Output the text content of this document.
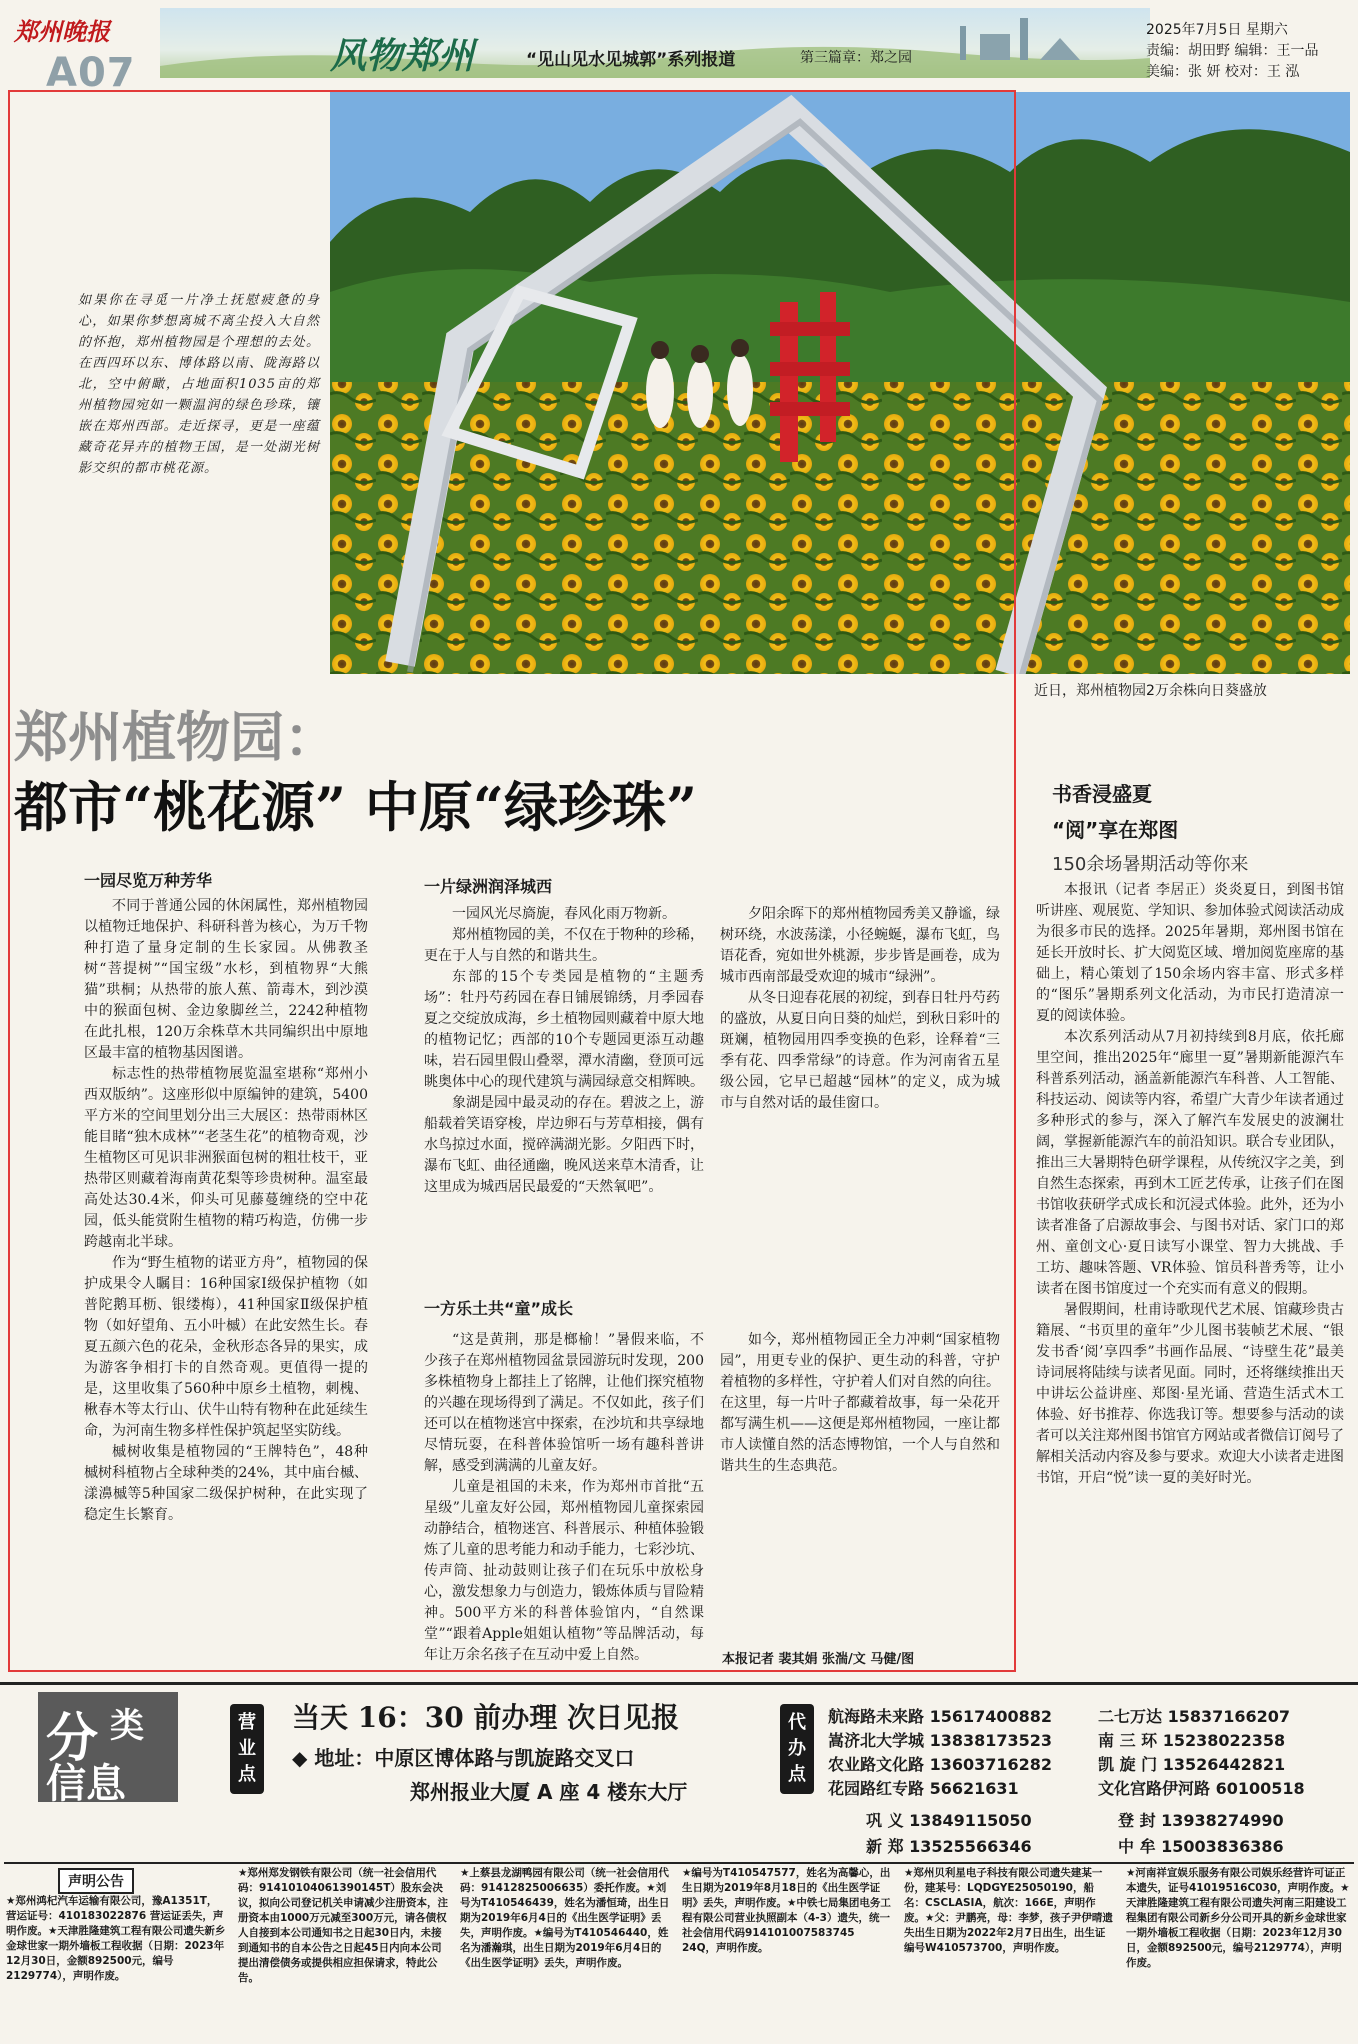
郑州晚报
A07	风物郑州	“见山见水见城郭”系列报道	第三篇章：郑之园
2025年7月5日 星期六
责编：胡田野 编辑：王一品
美编：张 妍 校对：王 泓
近日，郑州植物园2万余株向日葵盛放
如果你在寻觅一片净土抚慰疲惫的身心，如果你梦想离城不离尘投入大自然的怀抱，郑州植物园是个理想的去处。在西四环以东、博体路以南、陇海路以北，空中俯瞰，占地面积1035亩的郑州植物园宛如一颗温润的绿色珍珠，镶嵌在郑州西部。走近探寻，更是一座蕴藏奇花异卉的植物王国，是一处湖光树影交织的都市桃花源。
郑州植物园：
都市“桃花源” 中原“绿珍珠”
一园尽览万种芳华

不同于普通公园的休闲属性，郑州植物园以植物迁地保护、科研科普为核心，为万千物种打造了量身定制的生长家园。从佛教圣树“菩提树”“国宝级”水杉，到植物界“大熊猫”珙桐；从热带的旅人蕉、箭毒木，到沙漠中的猴面包树、金边象脚丝兰，2242种植物在此扎根，120万余株草木共同编织出中原地区最丰富的植物基因图谱。

标志性的热带植物展览温室堪称“郑州小西双版纳”。这座形似中原编钟的建筑，5400平方米的空间里划分出三大展区：热带雨林区能目睹“独木成林”“老茎生花”的植物奇观，沙生植物区可见识非洲猴面包树的粗壮枝干，亚热带区则藏着海南黄花梨等珍贵树种。温室最高处达30.4米，仰头可见藤蔓缠绕的空中花园，低头能赏附生植物的精巧构造，仿佛一步跨越南北半球。

作为“野生植物的诺亚方舟”，植物园的保护成果令人瞩目：16种国家Ⅰ级保护植物（如普陀鹅耳枥、银缕梅），41种国家Ⅱ级保护植物（如好望角、五小叶槭）在此安然生长。春夏五颜六色的花朵，金秋形态各异的果实，成为游客争相打卡的自然奇观。更值得一提的是，这里收集了560种中原乡土植物，刺槐、楸春木等太行山、伏牛山特有物种在此延续生命，为河南生物多样性保护筑起坚实防线。

槭树收集是植物园的“王牌特色”，48种槭树科植物占全球种类的24%，其中庙台槭、漾濞槭等5种国家二级保护树种，在此实现了稳定生长繁育。

一片绿洲润泽城西

一园风光尽旖旎，春风化雨万物新。

郑州植物园的美，不仅在于物种的珍稀，更在于人与自然的和谐共生。

东部的15个专类园是植物的“主题秀场”：牡丹芍药园在春日铺展锦绣，月季园春夏之交绽放成海，乡土植物园则藏着中原大地的植物记忆；西部的10个专题园更添互动趣味，岩石园里假山叠翠，潭水清幽，登顶可远眺奥体中心的现代建筑与满园绿意交相辉映。

象湖是园中最灵动的存在。碧波之上，游船载着笑语穿梭，岸边卵石与芳草相接，偶有水鸟掠过水面，搅碎满湖光影。夕阳西下时，瀑布飞虹、曲径通幽，晚风送来草木清香，让这里成为城西居民最爱的“天然氧吧”。

夕阳余晖下的郑州植物园秀美又静谧，绿树环绕，水波荡漾，小径蜿蜒，瀑布飞虹，鸟语花香，宛如世外桃源，步步皆是画卷，成为城市西南部最受欢迎的城市“绿洲”。

从冬日迎春花展的初绽，到春日牡丹芍药的盛放，从夏日向日葵的灿烂，到秋日彩叶的斑斓，植物园用四季变换的色彩，诠释着“三季有花、四季常绿”的诗意。作为河南省五星级公园，它早已超越“园林”的定义，成为城市与自然对话的最佳窗口。

一方乐土共“童”成长

“这是黄荆，那是榔榆！”暑假来临，不少孩子在郑州植物园盆景园游玩时发现，200多株植物身上都挂上了铭牌，让他们探究植物的兴趣在现场得到了满足。不仅如此，孩子们还可以在植物迷宫中探索，在沙坑和共享绿地尽情玩耍，在科普体验馆听一场有趣科普讲解，感受到满满的儿童友好。

儿童是祖国的未来，作为郑州市首批“五星级”儿童友好公园，郑州植物园儿童探索园动静结合，植物迷宫、科普展示、种植体验锻炼了儿童的思考能力和动手能力，七彩沙坑、传声筒、扯动鼓则让孩子们在玩乐中放松身心，激发想象力与创造力，锻炼体质与冒险精神。500平方米的科普体验馆内，“自然课堂”“跟着Apple姐姐认植物”等品牌活动，每年让万余名孩子在互动中爱上自然。

如今，郑州植物园正全力冲刺“国家植物园”，用更专业的保护、更生动的科普，守护着植物的多样性，守护着人们对自然的向往。在这里，每一片叶子都藏着故事，每一朵花开都写满生机——这便是郑州植物园，一座让都市人读懂自然的活态博物馆，一个人与自然和谐共生的生态典范。

本报记者 裴其娟 张湍/文 马健/图
书香浸盛夏
“阅”享在郑图
150余场暑期活动等你来

本报讯（记者 李居正）炎炎夏日，到图书馆听讲座、观展览、学知识、参加体验式阅读活动成为很多市民的选择。2025年暑期，郑州图书馆在延长开放时长、扩大阅览区域、增加阅览座席的基础上，精心策划了150余场内容丰富、形式多样的“图乐”暑期系列文化活动，为市民打造清凉一夏的阅读体验。

本次系列活动从7月初持续到8月底，依托廊里空间，推出2025年“廊里一夏”暑期新能源汽车科普系列活动，涵盖新能源汽车科普、人工智能、科技运动、阅读等内容，希望广大青少年读者通过多种形式的参与，深入了解汽车发展史的波澜壮阔，掌握新能源汽车的前沿知识。联合专业团队，推出三大暑期特色研学课程，从传统汉字之美，到自然生态探索，再到木工匠艺传承，让孩子们在图书馆收获研学式成长和沉浸式体验。此外，还为小读者准备了启源故事会、与图书对话、家门口的郑州、童创文心·夏日读写小课堂、智力大挑战、手工坊、趣味答题、VR体验、馆员科普秀等，让小读者在图书馆度过一个充实而有意义的假期。

暑假期间，杜甫诗歌现代艺术展、馆藏珍贵古籍展、“书页里的童年”少儿图书装帧艺术展、“银发书香‘阅’享四季”书画作品展、“诗壁生花”最美诗词展将陆续与读者见面。同时，还将继续推出天中讲坛公益讲座、郑图·星光诵、营造生活式木工体验、好书推荐、你选我订等。想要参与活动的读者可以关注郑州图书馆官方网站或者微信订阅号了解相关活动内容及参与要求。欢迎大小读者走进图书馆，开启“悦”读一夏的美好时光。

分 类
信息
营业点
当天 16：30 前办理 次日见报
◆ 地址：中原区博体路与凯旋路交叉口
郑州报业大厦 A 座 4 楼东大厅
代办点
航海路未来路 15617400882	二七万达 15837166207
嵩济北大学城 13838173523	南 三 环 15238022358
农业路文化路 13603716282	凯 旋 门 13526442821
花园路红专路 56621631	文化宫路伊河路 60100518
巩 义 13849115050	登 封 13938274990
新 郑 13525566346	中 牟 15003836386
声明公告
★郑州鸿杞汽车运输有限公司，豫A1351T，营运证号：410183022876 营运证丢失，声明作废。★天津胜隆建筑工程有限公司遗失新乡金球世家一期外墙板工程收据（日期：2023年12月30日，金额892500元，编号2129774），声明作废。
★郑州郑发钢铁有限公司（统一社会信用代码：91410104061390145T）股东会决议，拟向公司登记机关申请减少注册资本，注册资本由1000万元减至300万元，请各债权人自接到本公司通知书之日起30日内，未接到通知书的自本公告之日起45日内向本公司提出清偿债务或提供相应担保请求，特此公告。
★上蔡县龙湖鸭园有限公司（统一社会信用代码：91412825006635）委托作废。★刘号为T410546439，姓名为潘恒琦，出生日期为2019年6月4日的《出生医学证明》丢失，声明作废。★编号为T410546440，姓名为潘瀚琪，出生日期为2019年6月4日的《出生医学证明》丢失，声明作废。
★编号为T410547577，姓名为高馨心，出生日期为2019年8月18日的《出生医学证明》丢失，声明作废。★中铁七局集团电务工程有限公司营业执照副本（4-3）遗失，统一社会信用代码914101007583745 24Q，声明作废。
★郑州贝利星电子科技有限公司遗失建某一份，建某号：LQDGYE25050190，船名：CSCLASIA，航次：166E，声明作废。★父：尹鹏亮，母：李梦，孩子尹伊晴遗失出生日期为2022年2月7日出生，出生证编号W410573700，声明作废。
★河南祥宣娱乐服务有限公司娱乐经营许可证正本遗失，证号41019516C030，声明作废。★天津胜隆建筑工程有限公司遗失河南三阳建设工程集团有限公司新乡分公司开具的新乡金球世家一期外墙板工程收据（日期：2023年12月30日，金额892500元，编号2129774），声明作废。
